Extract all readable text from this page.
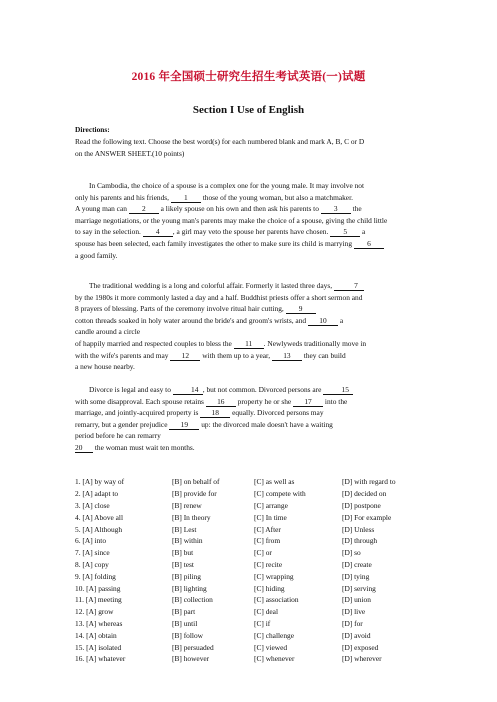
2016 年全国硕士研究生招生考试英语(一)试题
Section I Use of English
Directions:
Read the following text. Choose the best word(s) for each numbered blank and mark A, B, C or D
on the ANSWER SHEET.(10 points)
In Cambodia, the choice of a spouse is a complex one for the young male. It may involve not
only his parents and his friends, 1 those of the young woman, but also a matchmaker.
A young man can 2 a likely spouse on his own and then ask his parents to 3 the
marriage negotiations, or the young man's parents may make the choice of a spouse, giving the child little
to say in the selection. 4 , a girl may veto the spouse her parents have chosen. 5 a
spouse has been selected, each family investigates the other to make sure its child is marrying 6
a good family.
The traditional wedding is a long and colorful affair. Formerly it lasted three days,	7
by the 1980s it more commonly lasted a day and a half. Buddhist priests offer a short sermon and
8 prayers of blessing. Parts of the ceremony involve ritual hair cutting, 9
cotton threads soaked in holy water around the bride's and groom's wrists, and 10 a
candle around a circle
of happily married and respected couples to bless the 11 . Newlyweds traditionally move in
with the wife's parents and may 12 with them up to a year, 13 they can build
a new house nearby.
Divorce is legal and easy to	14 , but not common. Divorced persons are	15
with some disapproval. Each spouse retains 16 property he or she 17 into the
marriage, and jointly-acquired property is 18 equally. Divorced persons may
remarry, but a gender prejudice 19 up: the divorced male doesn't have a waiting
period before he can remarry
20 the woman must wait ten months.
1. [A] by way of	[B] on behalf of	[C] as well as	[D] with regard to
2. [A] adapt to	[B] provide for	[C] compete with	[D] decided on
3. [A] close	[B] renew	[C] arrange	[D] postpone
4. [A] Above all	[B] In theory	[C] In time	[D] For example
5. [A] Although	[B] Lest	[C] After	[D] Unless
6. [A] into	[B] within	[C] from	[D] through
7. [A] since	[B] but	[C] or	[D] so
8. [A] copy	[B] test	[C] recite	[D] create
9. [A] folding	[B] piling	[C] wrapping	[D] tying
10. [A] passing	[B] lighting	[C] hiding	[D] serving
11. [A] meeting	[B] collection	[C] association	[D] union
12. [A] grow	[B] part	[C] deal	[D] live
13. [A] whereas	[B] until	[C] if	[D] for
14. [A] obtain	[B] follow	[C] challenge	[D] avoid
15. [A] isolated	[B] persuaded	[C] viewed	[D] exposed
16. [A] whatever	[B] however	[C] whenever	[D] wherever
